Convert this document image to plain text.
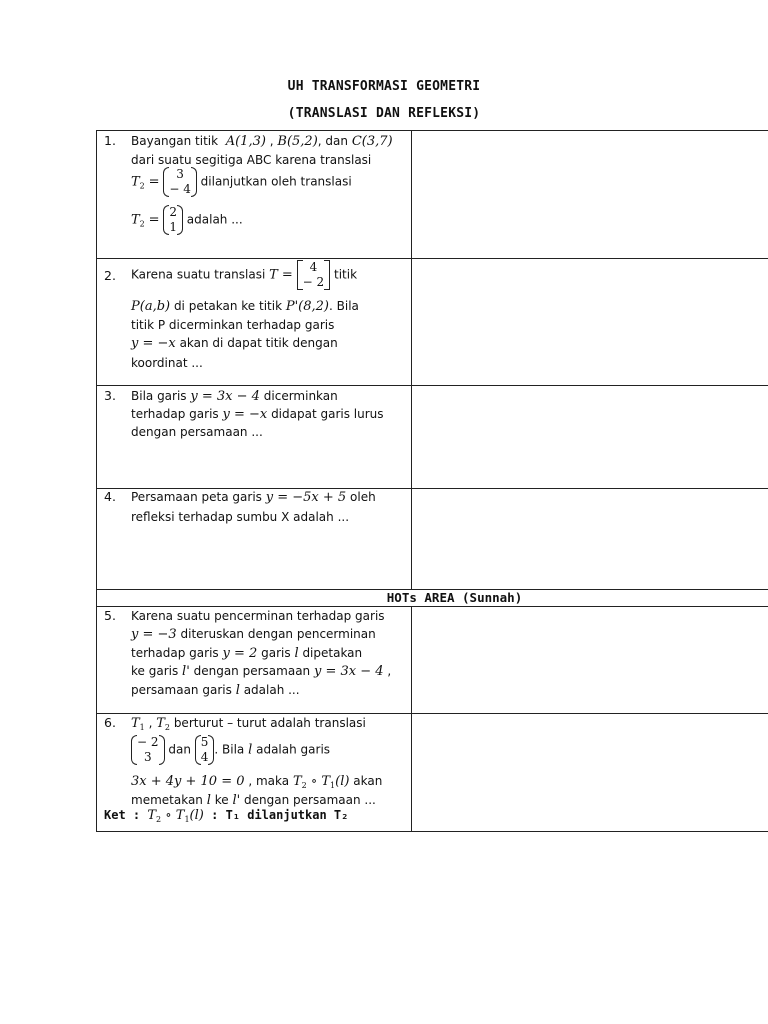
UH TRANSFORMASI GEOMETRI
(TRANSLASI DAN REFLEKSI)
1. Bayangan titik A(1,3) , B(5,2), dan C(3,7)
dari suatu segitiga ABC karena translasi
$T_2$ =
3
− 4
dilanjutkan oleh translasi
$T_2$ =
2
1
adalah ...
2. Karena suatu translasi T =
4
− 2
titik
P(a,b) di petakan ke titik P'(8,2). Bila
titik P dicerminkan terhadap garis
y = −x akan di dapat titik dengan
koordinat ...
3. Bila garis y = 3x − 4 dicerminkan
terhadap garis y = −x didapat garis lurus
dengan persamaan ...
4. Persamaan peta garis y = −5x + 5 oleh
refleksi terhadap sumbu X adalah ...
HOTs AREA (Sunnah)
5. Karena suatu pencerminan terhadap garis
y = −3 diteruskan dengan pencerminan
terhadap garis y = 2 garis l dipetakan
ke garis l' dengan persamaan y = 3x − 4 ,
persamaan garis l adalah ...
6. $T_1$ , $T_2$ berturut – turut adalah translasi
− 2
3
dan
5
4
. Bila l adalah garis
3x + 4y + 10 = 0 , maka $T_2$ ∘ $T_1(l)$ akan
memetakan l ke l' dengan persamaan ...
Ket : $T_2$ ∘ $T_1(l)$ : T₁ dilanjutkan T₂
